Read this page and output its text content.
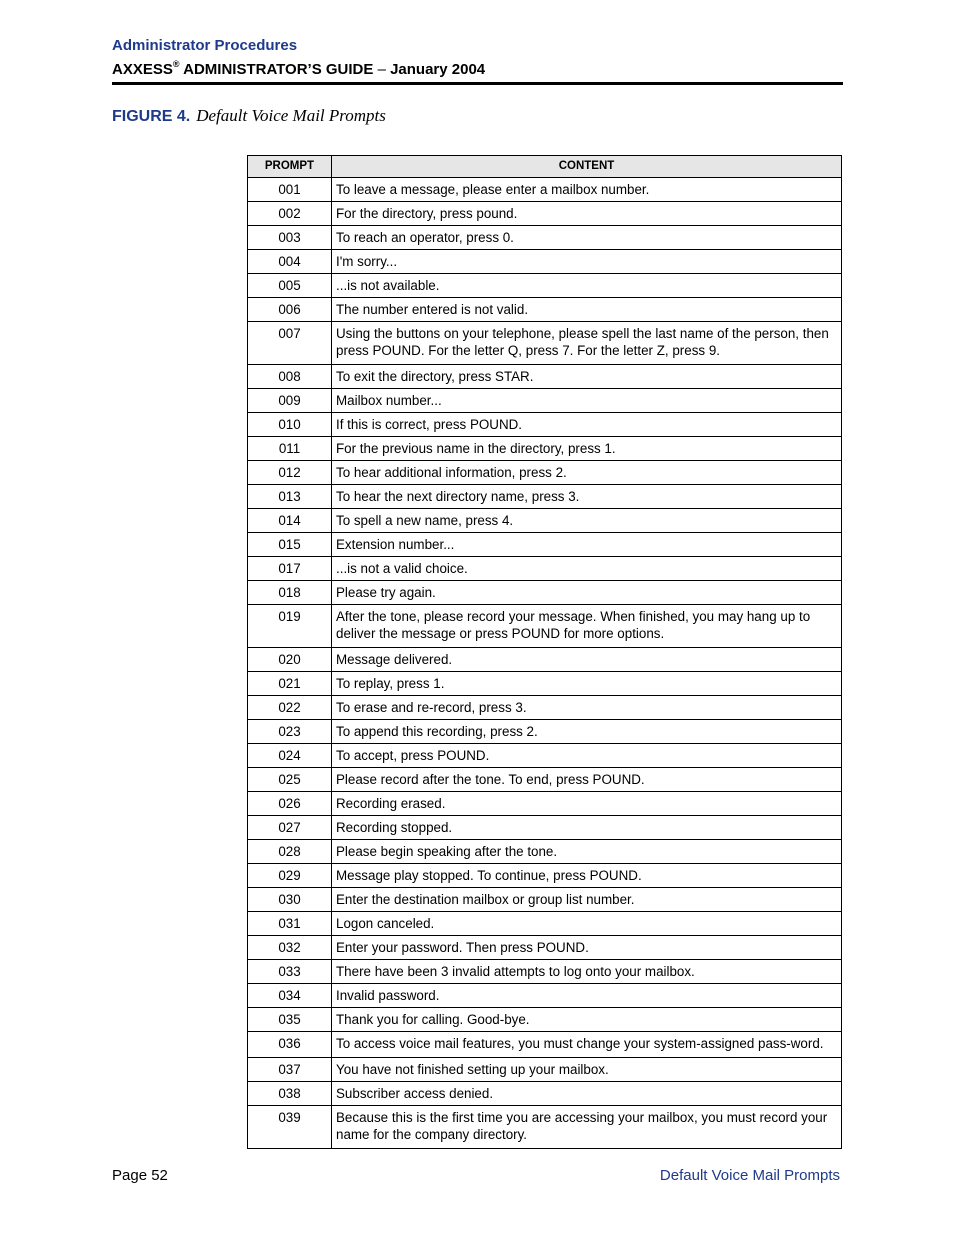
Administrator Procedures
AXXESS® ADMINISTRATOR’S GUIDE – January 2004
FIGURE 4. Default Voice Mail Prompts
PROMPT	CONTENT

001	To leave a message, please enter a mailbox number.

002	For the directory, press pound.

003	To reach an operator, press 0.

004	I'm sorry...

005	...is not available.

006	The number entered is not valid.

007	Using the buttons on your telephone, please spell the last name of the person, then press POUND. For the letter Q, press 7. For the letter Z, press 9.

008	To exit the directory, press STAR.

009	Mailbox number...

010	If this is correct, press POUND.

011	For the previous name in the directory, press 1.

012	To hear additional information, press 2.

013	To hear the next directory name, press 3.

014	To spell a new name, press 4.

015	Extension number...

017	...is not a valid choice.

018	Please try again.

019	After the tone, please record your message. When finished, you may hang up to deliver the message or press POUND for more options.

020	Message delivered.

021	To replay, press 1.

022	To erase and re-record, press 3.

023	To append this recording, press 2.

024	To accept, press POUND.

025	Please record after the tone. To end, press POUND.

026	Recording erased.

027	Recording stopped.

028	Please begin speaking after the tone.

029	Message play stopped. To continue, press POUND.

030	Enter the destination mailbox or group list number.

031	Logon canceled.

032	Enter your password. Then press POUND.

033	There have been 3 invalid attempts to log onto your mailbox.

034	Invalid password.

035	Thank you for calling. Good-bye.

036	To access voice mail features, you must change your system-assigned pass-word.

037	You have not finished setting up your mailbox.

038	Subscriber access denied.

039	Because this is the first time you are accessing your mailbox, you must record your name for the company directory.
Page 52	Default Voice Mail Prompts
